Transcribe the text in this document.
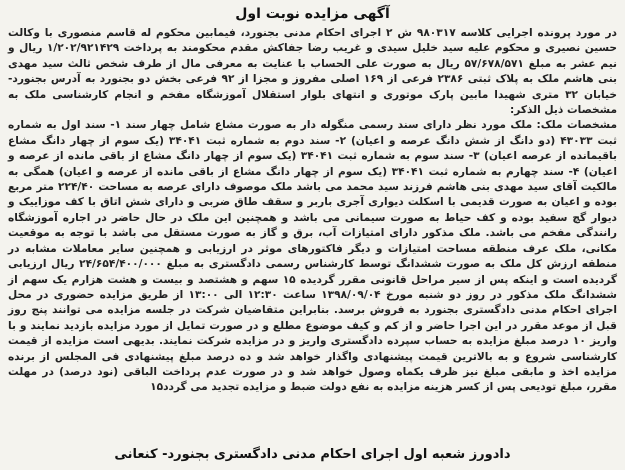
آگهی مزایده نوبت اول

در مورد پرونده اجرایی کلاسه ۹۸۰۳۱۷ ش ۲ اجرای احکام مدنی بجنورد، فیمابین محکوم له قاسم منصوری با وکالت حسین نصیری و محکوم علیه سید خلیل سیدی و غریب رضا جفاکش مقدم محکومند به پرداخت ۱/۲۰۲/۹۲۱۴۲۹ ریال و نیم عشر به مبلغ ۵۷/۶۷۸/۵۷۱ ریال به صورت علی الحساب با عنایت به معرفی مال از طرف شخص ثالث سید مهدی بنی هاشم ملک به پلاک ثبتی ۲۳۸۶ فرعی از ۱۶۹ اصلی مفروز و مجزا از ۹۲ فرعی بخش دو بجنورد به آدرس بجنورد- خیابان ۳۲ متری شهیدا مابین پارک موتوری و انتهای بلوار استقلال آموزشگاه مفخم و انجام کارشناسی ملک به مشخصات ذیل الذکر:

مشخصات ملک: ملک مورد نظر دارای سند رسمی منگوله دار به صورت مشاع شامل چهار سند ۱- سند اول به شماره ثبت ۴۳۰۳۳ (دو دانگ از شش دانگ عرصه و اعیان) ۲- سند دوم به شماره ثبت ۳۴۰۴۱ (یک سوم از چهار دانگ مشاع باقیمانده از عرصه اعیان) ۳- سند سوم به شماره ثبت ۳۴۰۴۱ (یک سوم از چهار دانگ مشاع از باقی مانده از عرصه و اعیان) ۴- سند چهارم به شماره ثبت ۳۴۰۴۱ (یک سوم از چهار دانگ مشاع از باقی مانده از عرصه و اعیان) همگی به مالکیت آقای سید مهدی بنی هاشم فرزند سید محمد می باشد ملک موصوف دارای عرصه به مساحت ۲۲۴/۴۰ متر مربع بوده و اعیان به صورت قدیمی با اسکلت دیواری آجری باربر و سقف طاق ضربی و دارای شش اتاق با کف موزاییک و دیوار گچ سفید بوده و کف حیاط به صورت سیمانی می باشد و همچنین این ملک در حال حاضر در اجاره آموزشگاه رانندگی مفخم می باشد. ملک مذکور دارای امتیازات آب، برق و گاز به صورت مستقل می باشد با توجه به موقعیت مکانی، ملک عرف منطقه مساحت امتیازات و دیگر فاکتورهای موثر در ارزیابی و همچنین سایر معاملات مشابه در منطقه ارزش کل ملک به صورت ششدانگ توسط کارشناس رسمی دادگستری به مبلغ ۲۴/۶۵۴/۴۰۰/۰۰۰ ریال ارزیابی گردیده است و اینکه پس از سیر مراحل قانونی مقرر گردیده ۱۵ سهم و هشتصد و بیست و هشت هزارم یک سهم از ششدانگ ملک مذکور در روز دو شنبه مورخ ۱۳۹۸/۰۹/۰۴ ساعت ۱۲:۳۰ الی ۱۳:۰۰ از طریق مزایده حضوری در محل اجرای احکام مدنی دادگستری بجنورد به فروش برسد. بنابراین متقاضیان شرکت در جلسه مزایده می توانند پنج روز قبل از موعد مقرر در این اجرا حاضر و از کم و کیف موضوع مطلع و در صورت تمایل از مورد مزایده بازدید نمایند و با واریز ۱۰ درصد مبلغ مزایده به حساب سپرده دادگستری واریز و در مزایده شرکت نمایند. بدیهی است مزایده از قیمت کارشناسی شروع و به بالاترین قیمت پیشنهادی واگذار خواهد شد و ده درصد مبلغ پیشنهادی فی المجلس از برنده مزایده اخذ و مابقی مبلغ نیز ظرف یکماه وصول خواهد شد و در صورت عدم پرداخت الباقی (نود درصد) در مهلت مقرر، مبلغ تودیعی پس از کسر هزینه مزایده به نفع دولت ضبط و مزایده تجدید می گردد۱۵

دادورز شعبه اول اجرای احکام مدنی دادگستری بجنورد- کنعانی
